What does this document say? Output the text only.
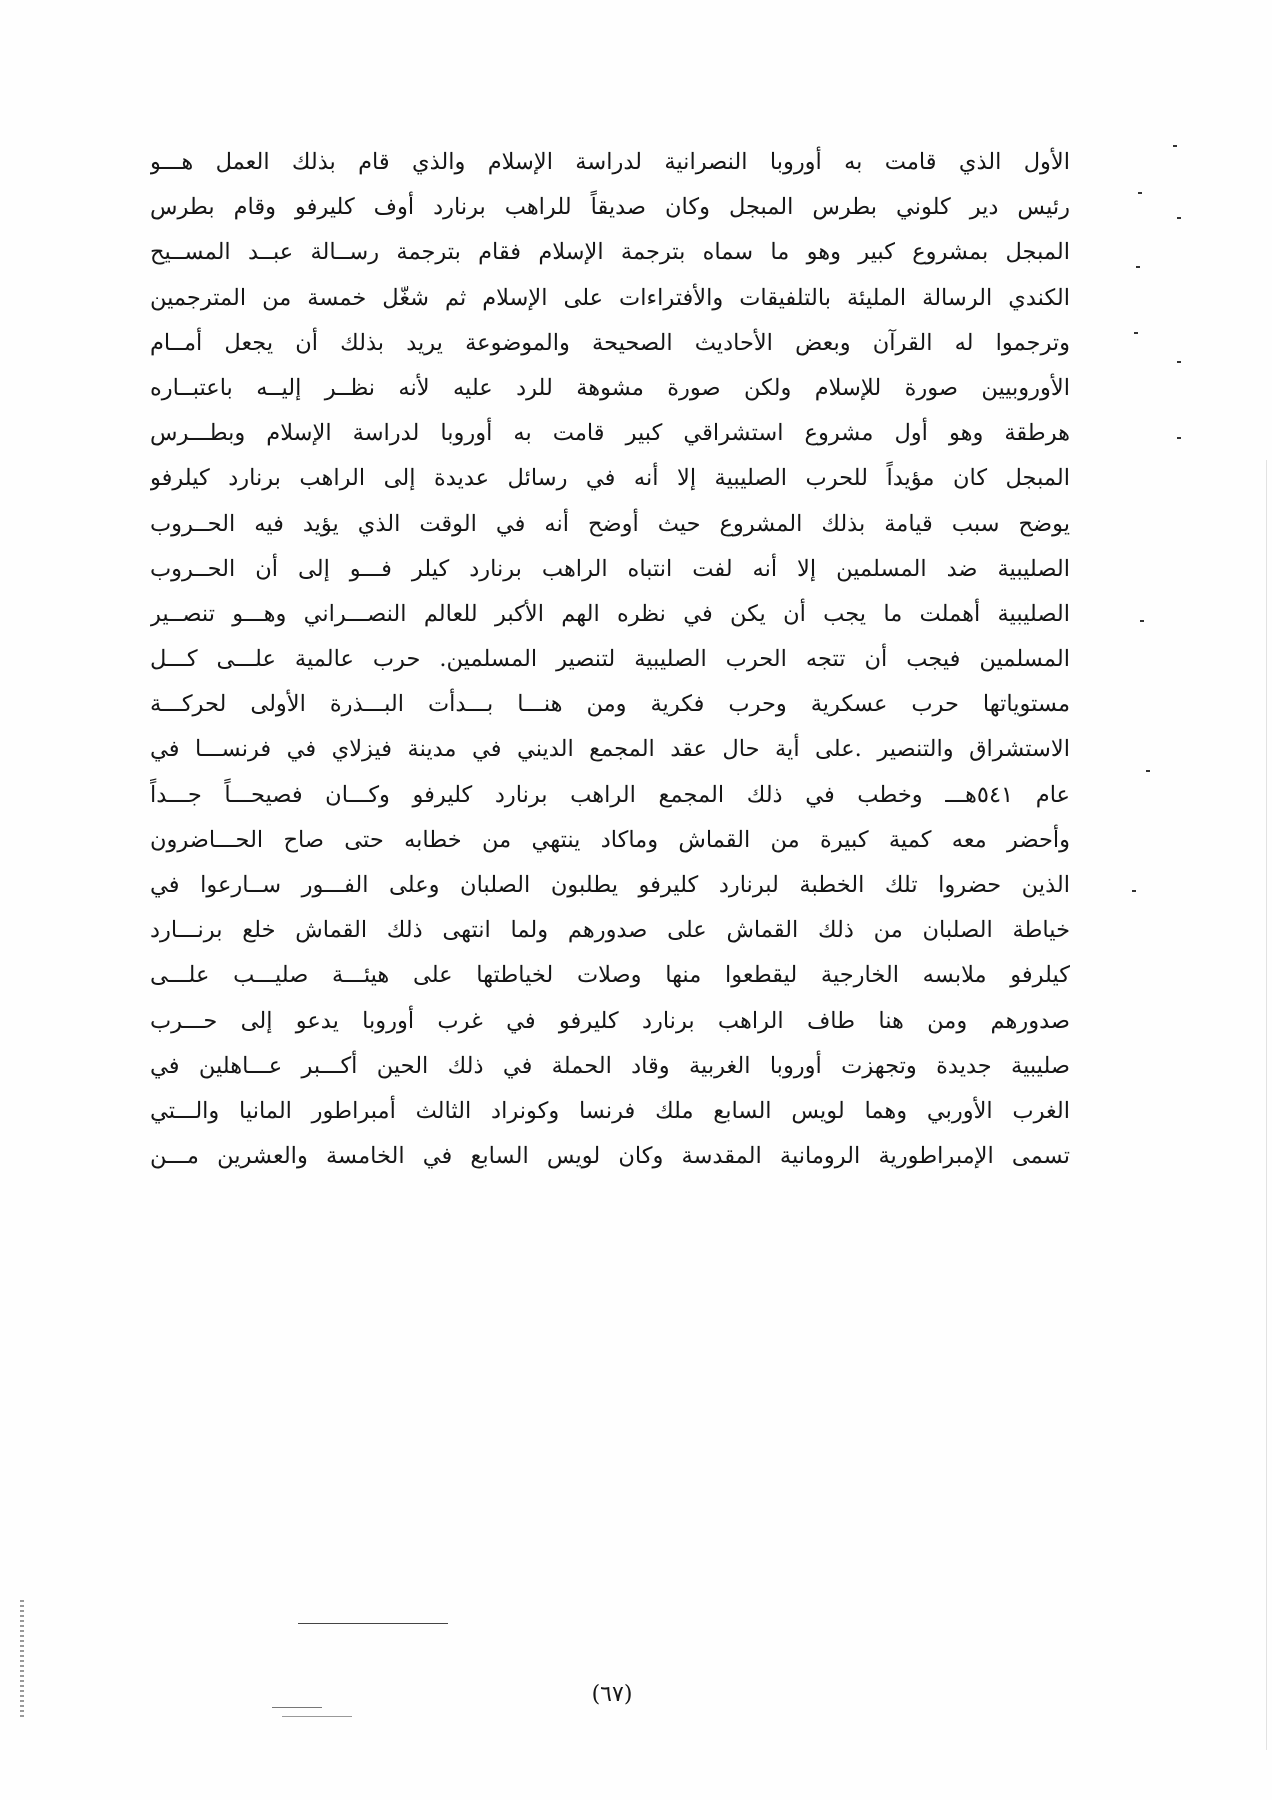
الأول الذي قامت به أوروبا النصرانية لدراسة الإسلام والذي قام بذلك العمل هـــو
رئيس دير كلوني بطرس المبجل وكان صديقاً للراهب برنارد أوف كليرفو وقام بطرس
المبجل بمشروع كبير وهو ما سماه بترجمة الإسلام فقام بترجمة رســالة عبــد المســيح
الكندي الرسالة المليئة بالتلفيقات والأفتراءات على الإسلام ثم شغّل خمسة من المترجمين
وترجموا له القرآن وبعض الأحاديث الصحيحة والموضوعة يريد بذلك أن يجعل أمــام
الأوروبيين صورة للإسلام ولكن صورة مشوهة للرد عليه لأنه نظــر إليــه باعتبــاره
هرطقة وهو أول مشروع استشراقي كبير قامت به أوروبا لدراسة الإسلام وبطـــرس
المبجل كان مؤيداً للحرب الصليبية إلا أنه في رسائل عديدة إلى الراهب برنارد كيلرفو
يوضح سبب قيامة بذلك المشروع حيث أوضح أنه في الوقت الذي يؤيد فيه الحــروب
الصليبية ضد المسلمين إلا أنه لفت انتباه الراهب برنارد كيلر فـــو إلى أن الحــروب
الصليبية أهملت ما يجب أن يكن في نظره الهم الأكبر للعالم النصـــراني وهـــو تنصــير
المسلمين فيجب أن تتجه الحرب الصليبية لتنصير المسلمين. حرب عالمية علـــى كـــل
مستوياتها حرب عسكرية وحرب فكرية ومن هنـــا بـــدأت البـــذرة الأولى لحركـــة
الاستشراق والتنصير .على أية حال عقد المجمع الديني في مدينة فيزلاي في فرنســـا في
عام ٥٤١هـــ وخطب في ذلك المجمع الراهب برنارد كليرفو وكـــان فصيحـــاً جـــداً
وأحضر معه كمية كبيرة من القماش وماكاد ينتهي من خطابه حتى صاح الحـــاضرون
الذين حضروا تلك الخطبة لبرنارد كليرفو يطلبون الصلبان وعلى الفـــور ســارعوا في
خياطة الصلبان من ذلك القماش على صدورهم ولما انتهى ذلك القماش خلع برنـــارد
كيلرفو ملابسه الخارجية ليقطعوا منها وصلات لخياطتها على هيئـــة صليـــب علـــى
صدورهم ومن هنا طاف الراهب برنارد كليرفو في غرب أوروبا يدعو إلى حـــرب
صليبية جديدة وتجهزت أوروبا الغربية وقاد الحملة في ذلك الحين أكـــبر عـــاهلين في
الغرب الأوربي وهما لويس السابع ملك فرنسا وكونراد الثالث أمبراطور المانيا والـــتي
تسمى الإمبراطورية الرومانية المقدسة وكان لويس السابع في الخامسة والعشرين مـــن
(٦٧)
